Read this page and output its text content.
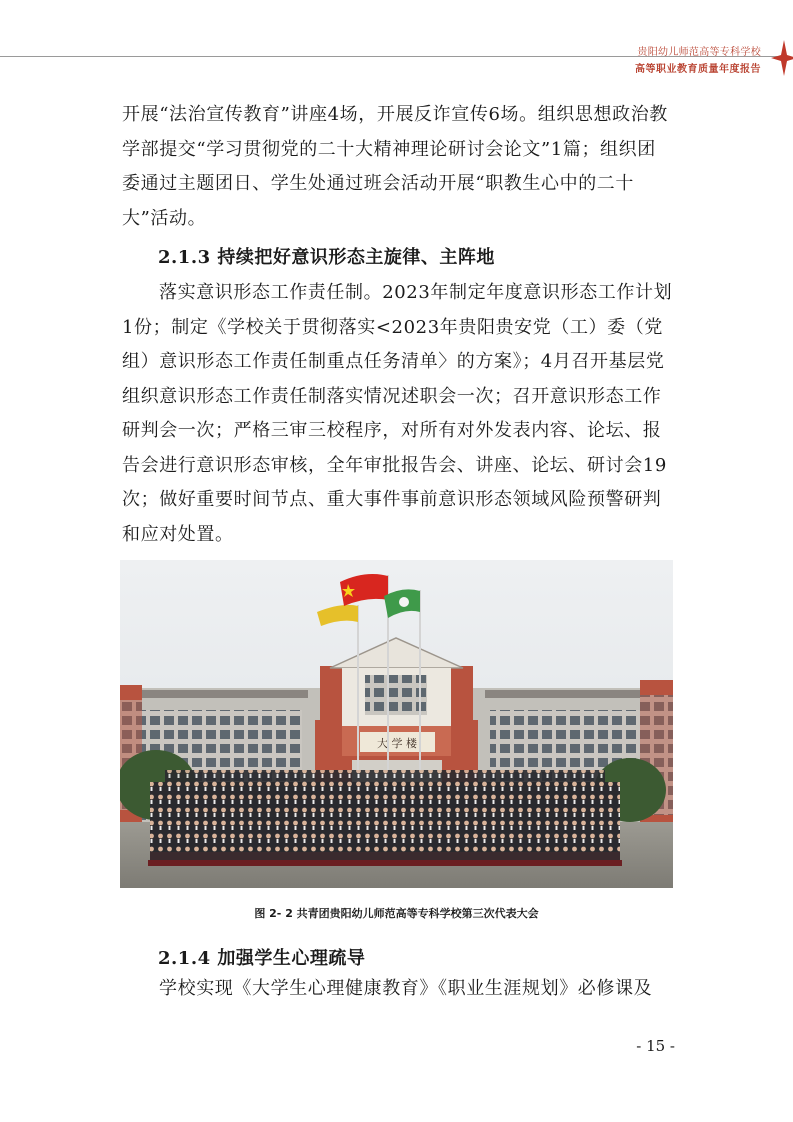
贵阳幼儿师范高等专科学校
高等职业教育质量年度报告

开展“法治宣传教育”讲座4场，开展反诈宣传6场。组织思想政治教学部提交“学习贯彻党的二十大精神理论研讨会论文”1篇；组织团委通过主题团日、学生处通过班会活动开展“职教生心中的二十大”活动。

2.1.3 持续把好意识形态主旋律、主阵地

落实意识形态工作责任制。2023年制定年度意识形态工作计划1份；制定《学校关于贯彻落实<2023年贵阳贵安党（工）委（党组）意识形态工作责任制重点任务清单〉的方案》；4月召开基层党组织意识形态工作责任制落实情况述职会一次；召开意识形态工作研判会一次；严格三审三校程序，对所有对外发表内容、论坛、报告会进行意识形态审核，全年审批报告会、讲座、论坛、研讨会19次；做好重要时间节点、重大事件事前意识形态领域风险预警研判和应对处置。

大 学 楼
图 2- 2 共青团贵阳幼儿师范高等专科学校第三次代表大会
2.1.4 加强学生心理疏导

学校实现《大学生心理健康教育》《职业生涯规划》必修课及

- 15 -
